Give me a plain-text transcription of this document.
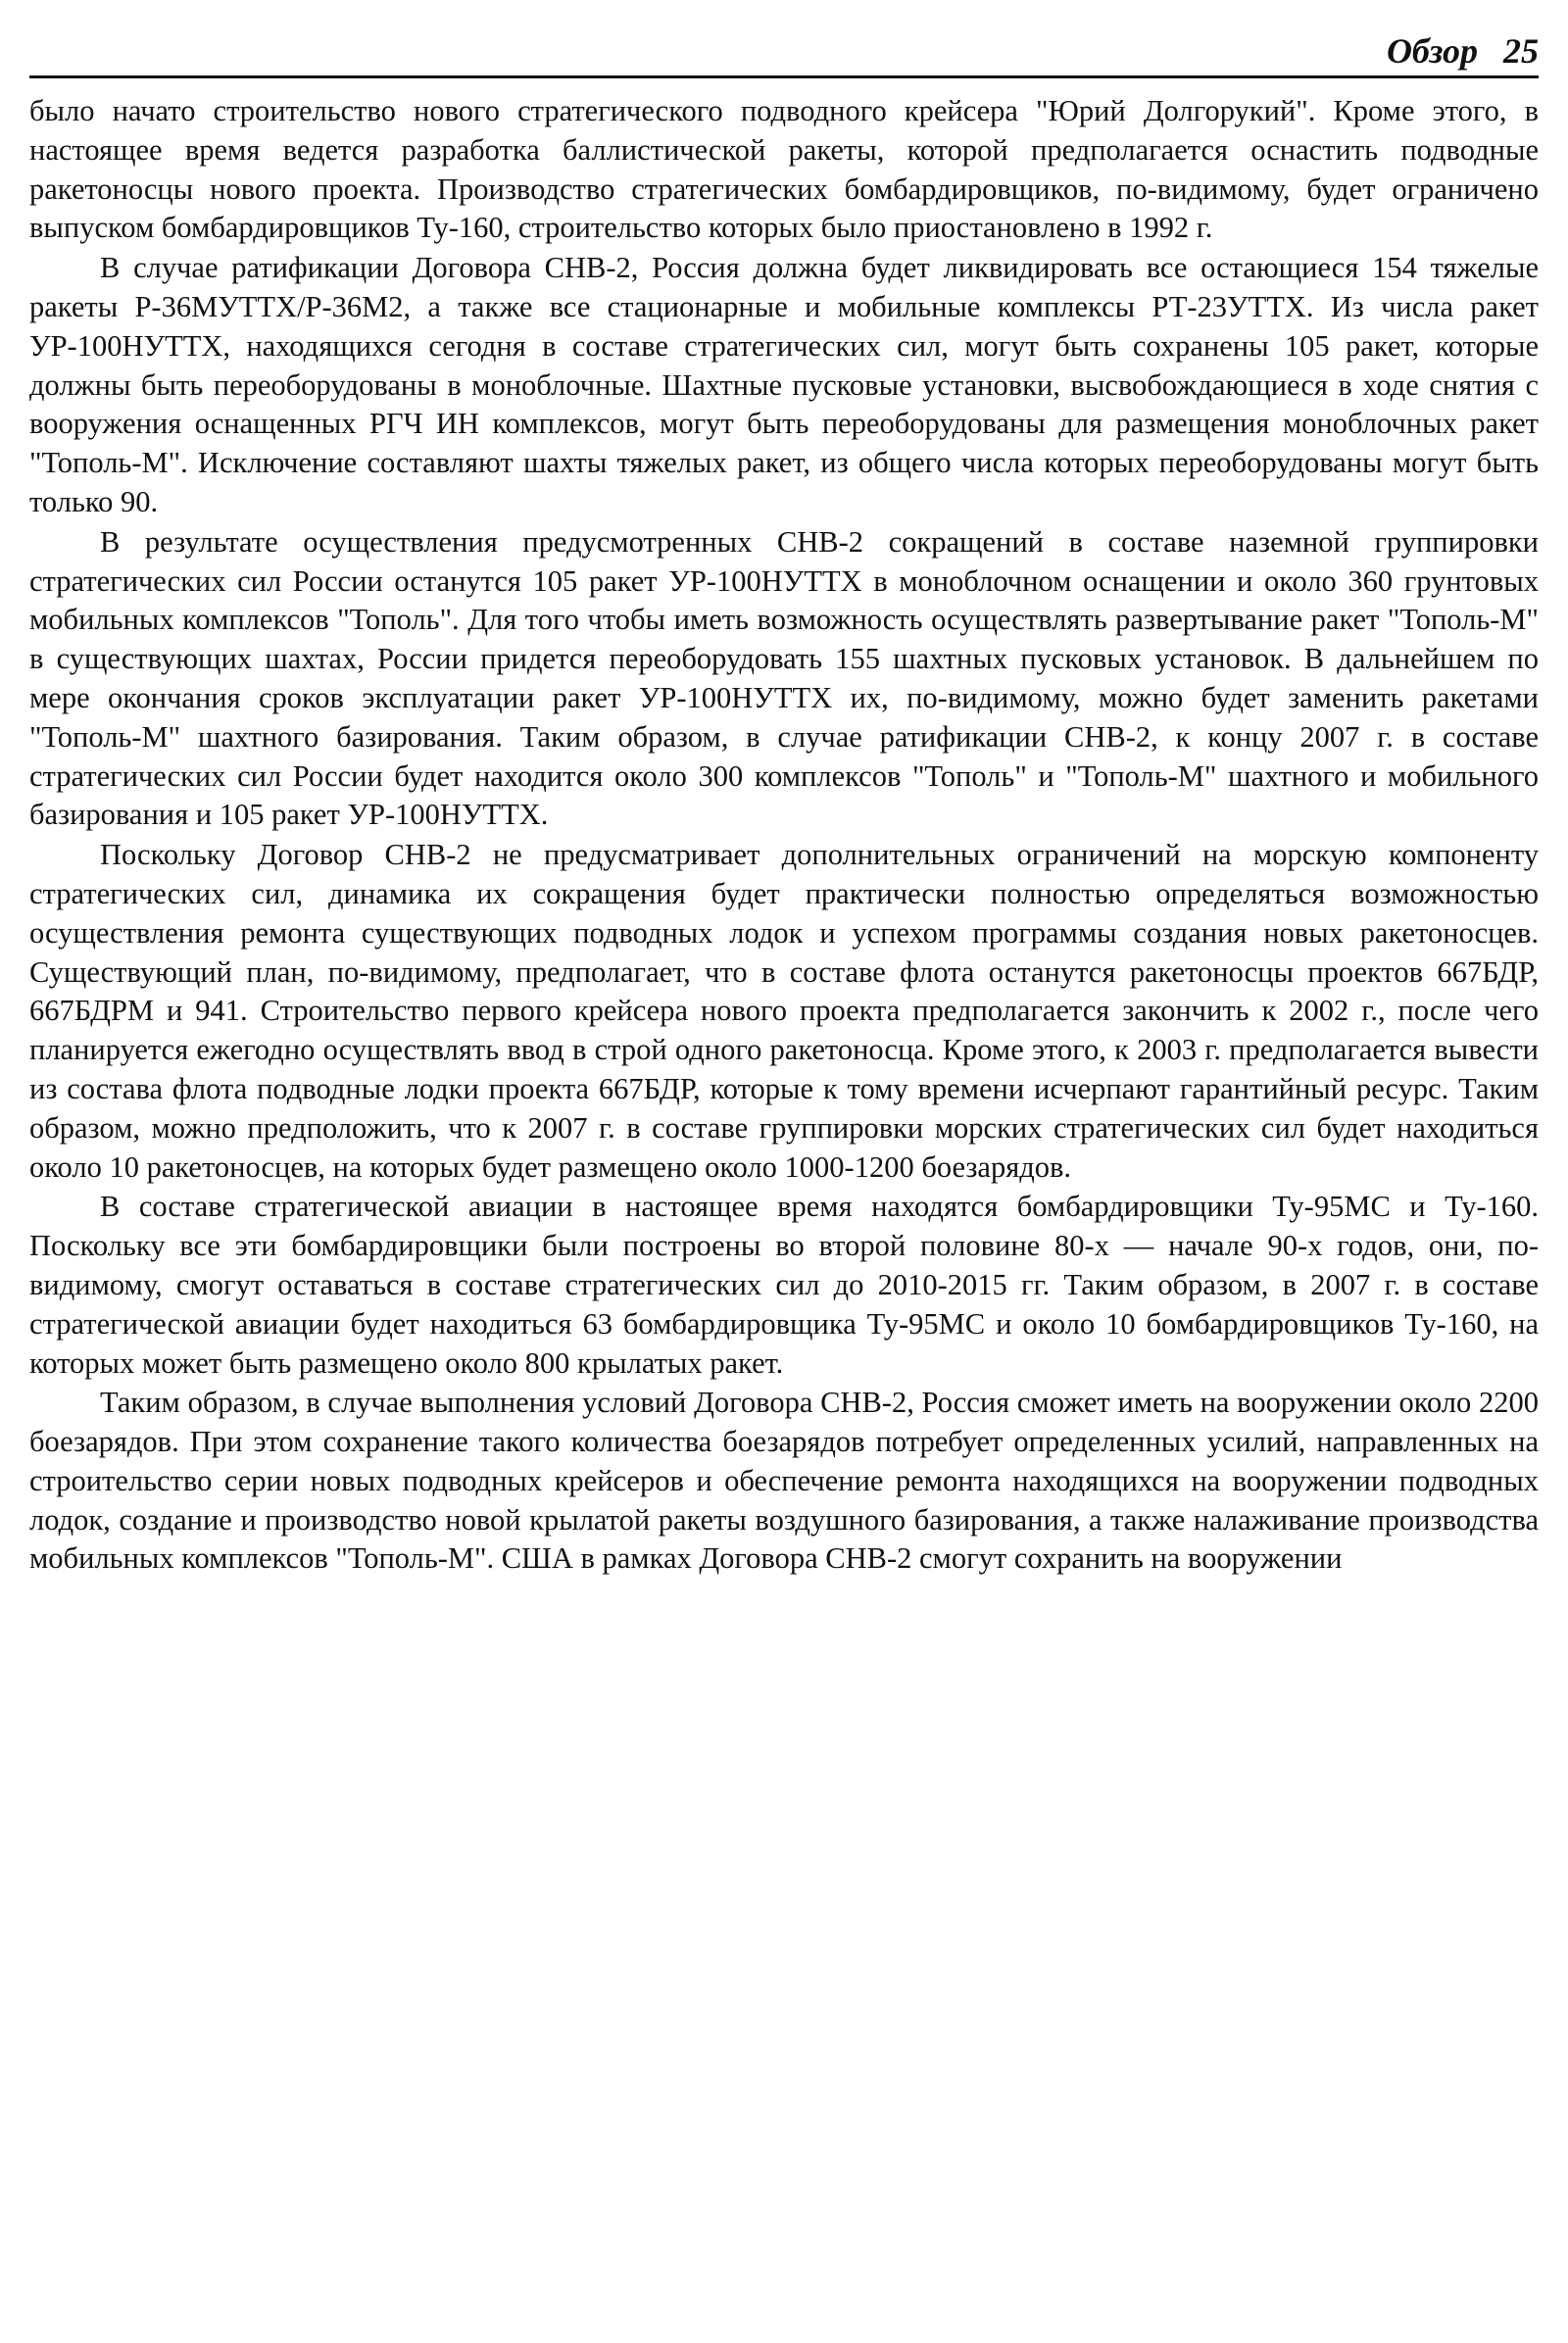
Обзор 25

было начато строительство нового стратегического подводного крейсера "Юрий Долгорукий". Кроме этого, в настоящее время ведется разработка баллистической ракеты, которой предполагается оснастить подводные ракетоносцы нового проекта. Производство стратегических бомбардировщиков, по-видимому, будет ограничено выпуском бомбардировщиков Ту-160, строительство которых было приостановлено в 1992 г.

В случае ратификации Договора СНВ-2, Россия должна будет ликвидировать все остающиеся 154 тяжелые ракеты Р-36МУТТХ/Р-36М2, а также все стационарные и мобильные комплексы РТ-23УТТХ. Из числа ракет УР-100НУТТХ, находящихся сегодня в составе стратегических сил, могут быть сохранены 105 ракет, которые должны быть переоборудованы в моноблочные. Шахтные пусковые установки, высвобождающиеся в ходе снятия с вооружения оснащенных РГЧ ИН комплексов, могут быть переоборудованы для размещения моноблочных ракет "Тополь-М". Исключение составляют шахты тяжелых ракет, из общего числа которых переоборудованы могут быть только 90.

В результате осуществления предусмотренных СНВ-2 сокращений в составе наземной группировки стратегических сил России останутся 105 ракет УР-100НУТТХ в моноблочном оснащении и около 360 грунтовых мобильных комплексов "Тополь". Для того чтобы иметь возможность осуществлять развертывание ракет "Тополь-М" в существующих шахтах, России придется переоборудовать 155 шахтных пусковых установок. В дальнейшем по мере окончания сроков эксплуатации ракет УР-100НУТТХ их, по-видимому, можно будет заменить ракетами "Тополь-М" шахтного базирования. Таким образом, в случае ратификации СНВ-2, к концу 2007 г. в составе стратегических сил России будет находится около 300 комплексов "Тополь" и "Тополь-М" шахтного и мобильного базирования и 105 ракет УР-100НУТТХ.

Поскольку Договор СНВ-2 не предусматривает дополнительных ограничений на морскую компоненту стратегических сил, динамика их сокращения будет практически полностью определяться возможностью осуществления ремонта существующих подводных лодок и успехом программы создания новых ракетоносцев. Существующий план, по-видимому, предполагает, что в составе флота останутся ракетоносцы проектов 667БДР, 667БДРМ и 941. Строительство первого крейсера нового проекта предполагается закончить к 2002 г., после чего планируется ежегодно осуществлять ввод в строй одного ракетоносца. Кроме этого, к 2003 г. предполагается вывести из состава флота подводные лодки проекта 667БДР, которые к тому времени исчерпают гарантийный ресурс. Таким образом, можно предположить, что к 2007 г. в составе группировки морских стратегических сил будет находиться около 10 ракетоносцев, на которых будет размещено около 1000-1200 боезарядов.

В составе стратегической авиации в настоящее время находятся бомбардировщики Ту-95МС и Ту-160. Поскольку все эти бомбардировщики были построены во второй половине 80-х — начале 90-х годов, они, по-видимому, смогут оставаться в составе стратегических сил до 2010-2015 гг. Таким образом, в 2007 г. в составе стратегической авиации будет находиться 63 бомбардировщика Ту-95МС и около 10 бомбардировщиков Ту-160, на которых может быть размещено около 800 крылатых ракет.

Таким образом, в случае выполнения условий Договора СНВ-2, Россия сможет иметь на вооружении около 2200 боезарядов. При этом сохранение такого количества боезарядов потребует определенных усилий, направленных на строительство серии новых подводных крейсеров и обеспечение ремонта находящихся на вооружении подводных лодок, создание и производство новой крылатой ракеты воздушного базирования, а также налаживание производства мобильных комплексов "Тополь-М". США в рамках Договора СНВ-2 смогут сохранить на вооружении
